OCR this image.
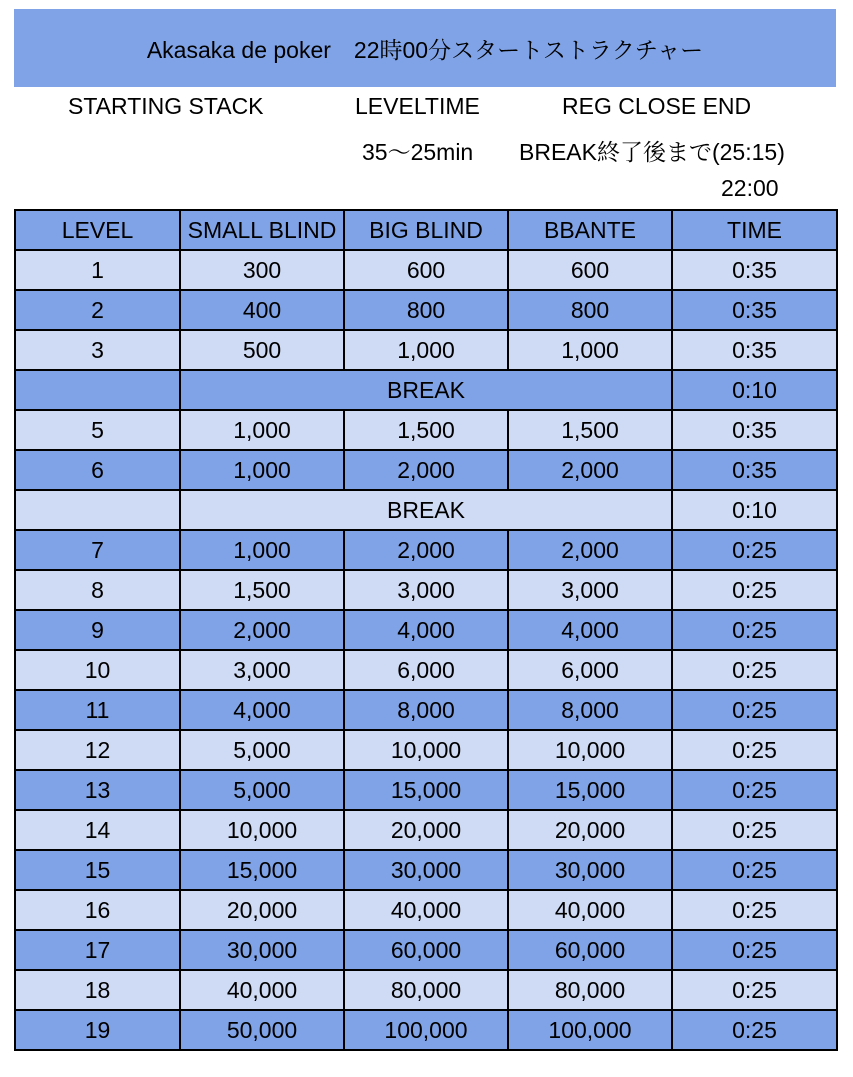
Akasaka de poker　22時00分スタートストラクチャー
STARTING STACK	LEVELTIME	REG CLOSE END
35〜25min BREAK終了後まで(25:15)
22:00
LEVEL	SMALL BLIND	BIG BLIND	BBANTE	TIME
1	300	600	600	0:35
2	400	800	800	0:35
3	500	1,000	1,000	0:35
	BREAK			0:10
5	1,000	1,500	1,500	0:35
6	1,000	2,000	2,000	0:35
	BREAK			0:10
7	1,000	2,000	2,000	0:25
8	1,500	3,000	3,000	0:25
9	2,000	4,000	4,000	0:25
10	3,000	6,000	6,000	0:25
11	4,000	8,000	8,000	0:25
12	5,000	10,000	10,000	0:25
13	5,000	15,000	15,000	0:25
14	10,000	20,000	20,000	0:25
15	15,000	30,000	30,000	0:25
16	20,000	40,000	40,000	0:25
17	30,000	60,000	60,000	0:25
18	40,000	80,000	80,000	0:25
19	50,000	100,000	100,000	0:25
